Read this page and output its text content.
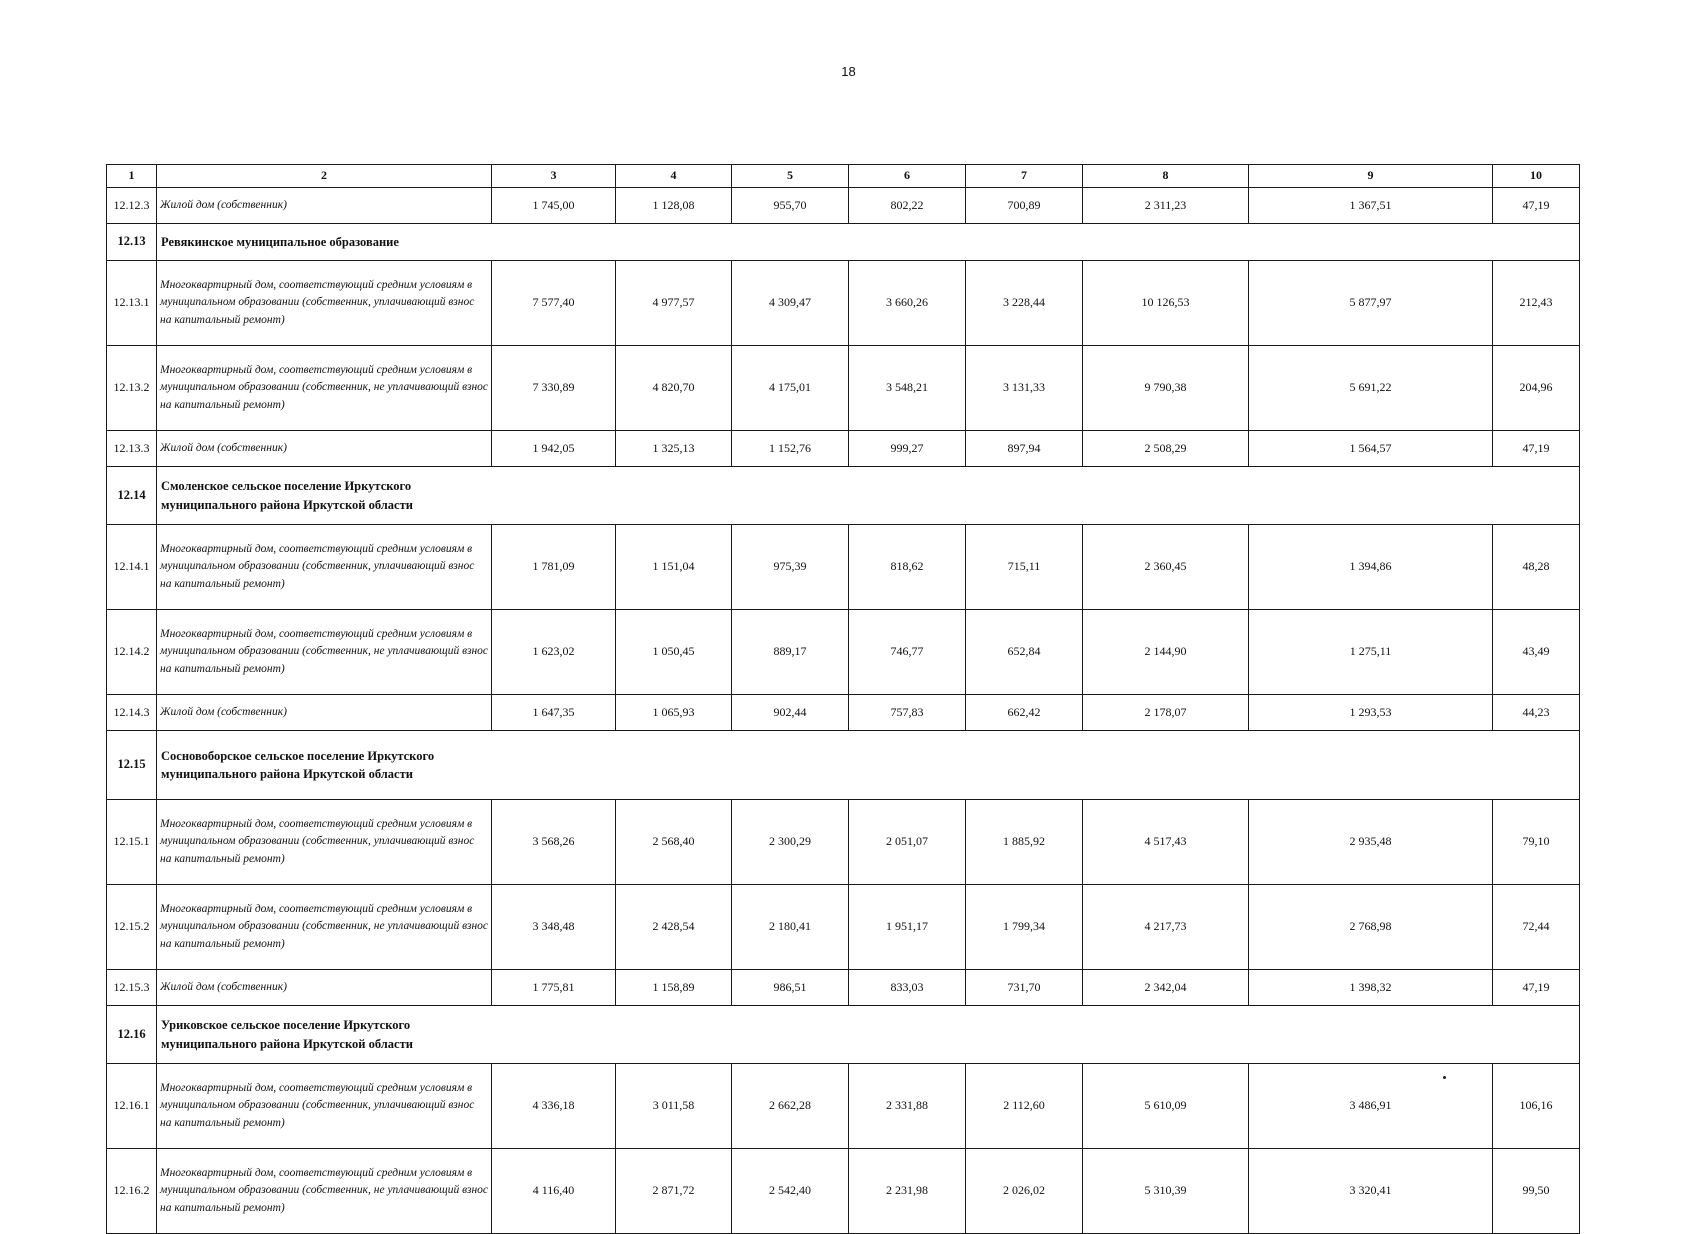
18
1	2	3	4	5	6	7	8	9	10
12.12.3	Жилой дом (собственник)	1 745,00	1 128,08	955,70	802,22	700,89	2 311,23	1 367,51	47,19
12.13	Ревякинское муниципальное образование								
12.13.1	Многоквартирный дом, соответствующий средним условиям в муниципальном образовании (собственник, уплачивающий взнос на капитальный ремонт)	7 577,40	4 977,57	4 309,47	3 660,26	3 228,44	10 126,53	5 877,97	212,43
12.13.2	Многоквартирный дом, соответствующий средним условиям в муниципальном образовании (собственник, не уплачивающий взнос на капитальный ремонт)	7 330,89	4 820,70	4 175,01	3 548,21	3 131,33	9 790,38	5 691,22	204,96
12.13.3	Жилой дом (собственник)	1 942,05	1 325,13	1 152,76	999,27	897,94	2 508,29	1 564,57	47,19
12.14	Смоленское сельское поселение Иркутского муниципального района Иркутской области								
12.14.1	Многоквартирный дом, соответствующий средним условиям в муниципальном образовании (собственник, уплачивающий взнос на капитальный ремонт)	1 781,09	1 151,04	975,39	818,62	715,11	2 360,45	1 394,86	48,28
12.14.2	Многоквартирный дом, соответствующий средним условиям в муниципальном образовании (собственник, не уплачивающий взнос на капитальный ремонт)	1 623,02	1 050,45	889,17	746,77	652,84	2 144,90	1 275,11	43,49
12.14.3	Жилой дом (собственник)	1 647,35	1 065,93	902,44	757,83	662,42	2 178,07	1 293,53	44,23
12.15	Сосновоборское сельское поселение Иркутского муниципального района Иркутской области								
12.15.1	Многоквартирный дом, соответствующий средним условиям в муниципальном образовании (собственник, уплачивающий взнос на капитальный ремонт)	3 568,26	2 568,40	2 300,29	2 051,07	1 885,92	4 517,43	2 935,48	79,10
12.15.2	Многоквартирный дом, соответствующий средним условиям в муниципальном образовании (собственник, не уплачивающий взнос на капитальный ремонт)	3 348,48	2 428,54	2 180,41	1 951,17	1 799,34	4 217,73	2 768,98	72,44
12.15.3	Жилой дом (собственник)	1 775,81	1 158,89	986,51	833,03	731,70	2 342,04	1 398,32	47,19
12.16	Уриковское сельское поселение Иркутского муниципального района Иркутской области								
12.16.1	Многоквартирный дом, соответствующий средним условиям в муниципальном образовании (собственник, уплачивающий взнос на капитальный ремонт)	4 336,18	3 011,58	2 662,28	2 331,88	2 112,60	5 610,09	3 486,91	106,16
12.16.2	Многоквартирный дом, соответствующий средним условиям в муниципальном образовании (собственник, не уплачивающий взнос на капитальный ремонт)	4 116,40	2 871,72	2 542,40	2 231,98	2 026,02	5 310,39	3 320,41	99,50
